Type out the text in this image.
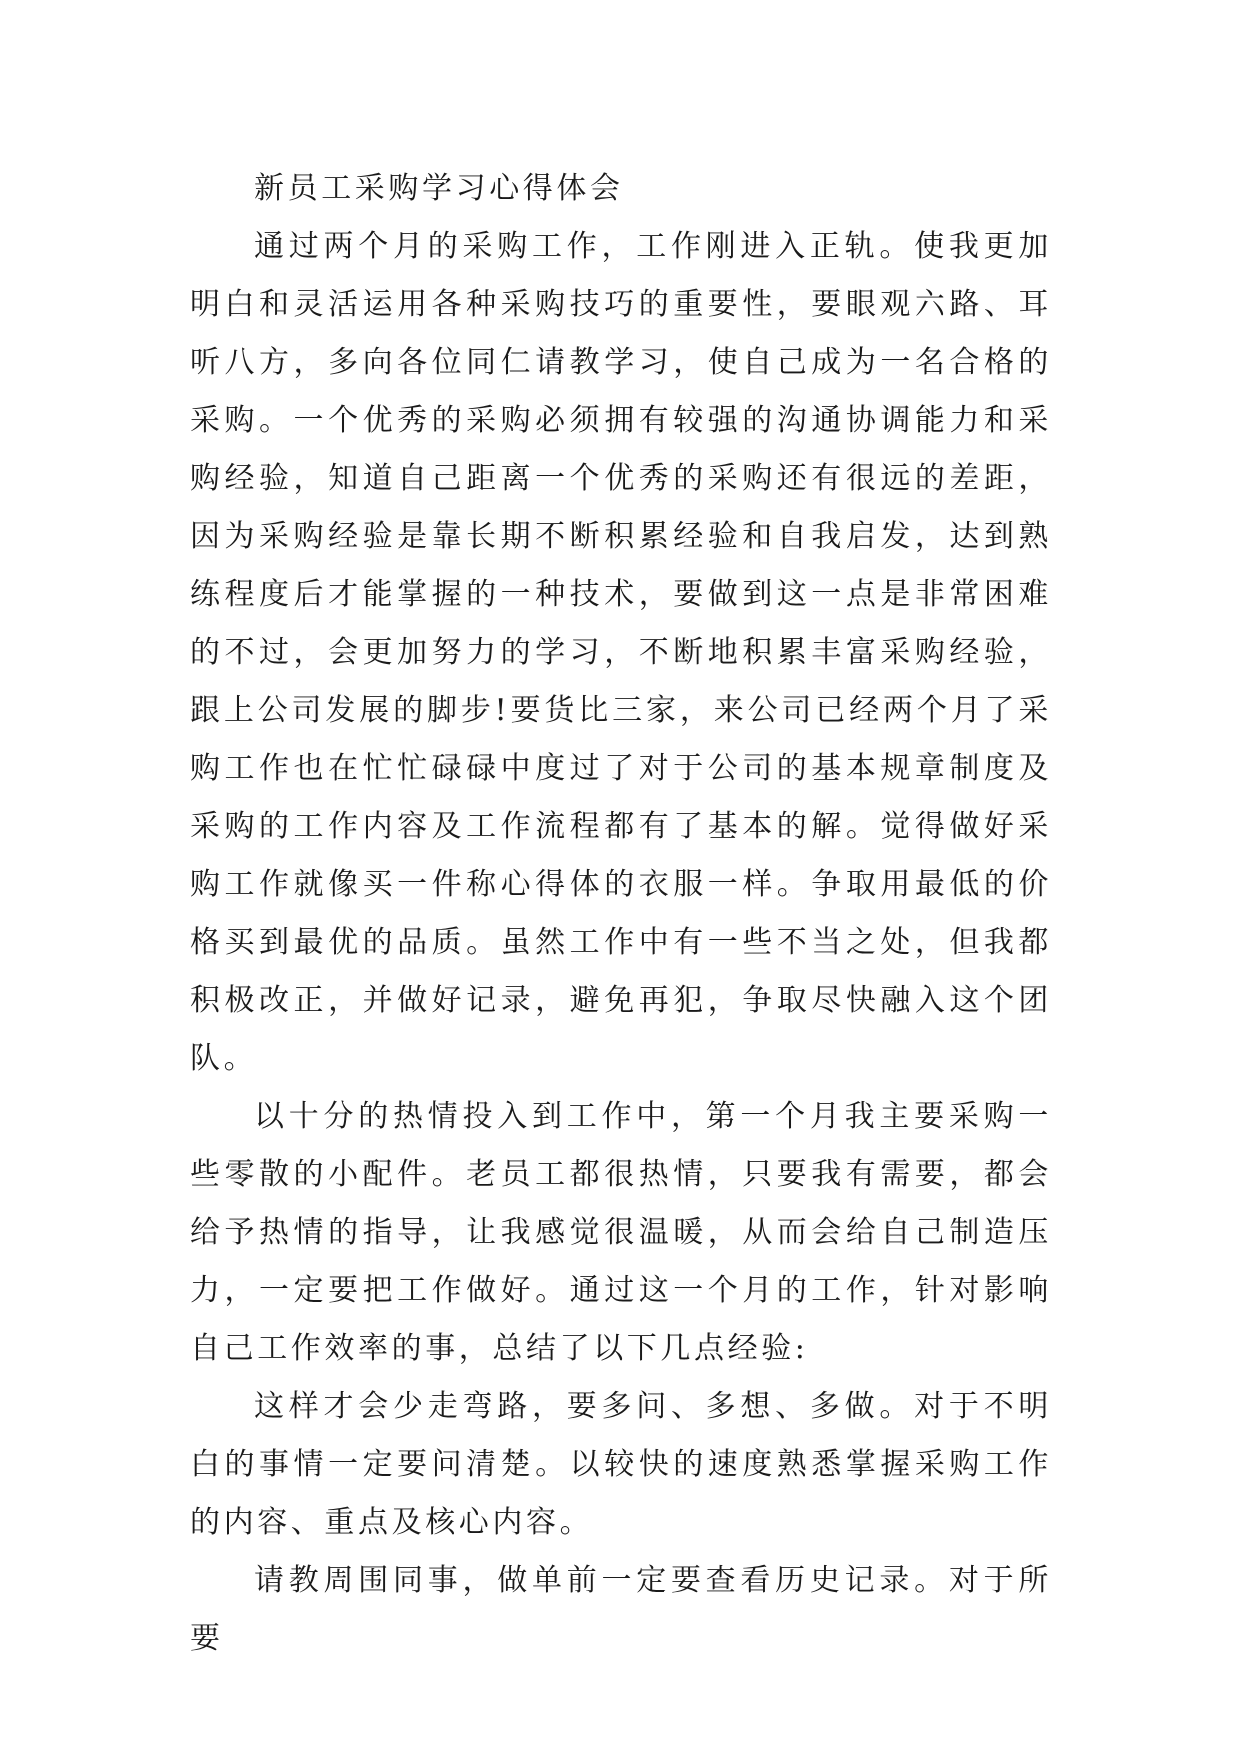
新员工采购学习心得体会

通过两个月的采购工作，工作刚进入正轨。使我更加明白和灵活运用各种采购技巧的重要性，要眼观六路、耳听八方，多向各位同仁请教学习，使自己成为一名合格的采购。一个优秀的采购必须拥有较强的沟通协调能力和采购经验，知道自己距离一个优秀的采购还有很远的差距，因为采购经验是靠长期不断积累经验和自我启发，达到熟练程度后才能掌握的一种技术，要做到这一点是非常困难的不过，会更加努力的学习，不断地积累丰富采购经验，跟上公司发展的脚步!要货比三家，来公司已经两个月了采购工作也在忙忙碌碌中度过了对于公司的基本规章制度及采购的工作内容及工作流程都有了基本的解。觉得做好采购工作就像买一件称心得体的衣服一样。争取用最低的价格买到最优的品质。虽然工作中有一些不当之处，但我都积极改正，并做好记录，避免再犯，争取尽快融入这个团队。

以十分的热情投入到工作中，第一个月我主要采购一些零散的小配件。老员工都很热情，只要我有需要，都会给予热情的指导，让我感觉很温暖，从而会给自己制造压力，一定要把工作做好。通过这一个月的工作，针对影响自己工作效率的事，总结了以下几点经验:

这样才会少走弯路，要多问、多想、多做。对于不明白的事情一定要问清楚。以较快的速度熟悉掌握采购工作的内容、重点及核心内容。

请教周围同事，做单前一定要查看历史记录。对于所要
